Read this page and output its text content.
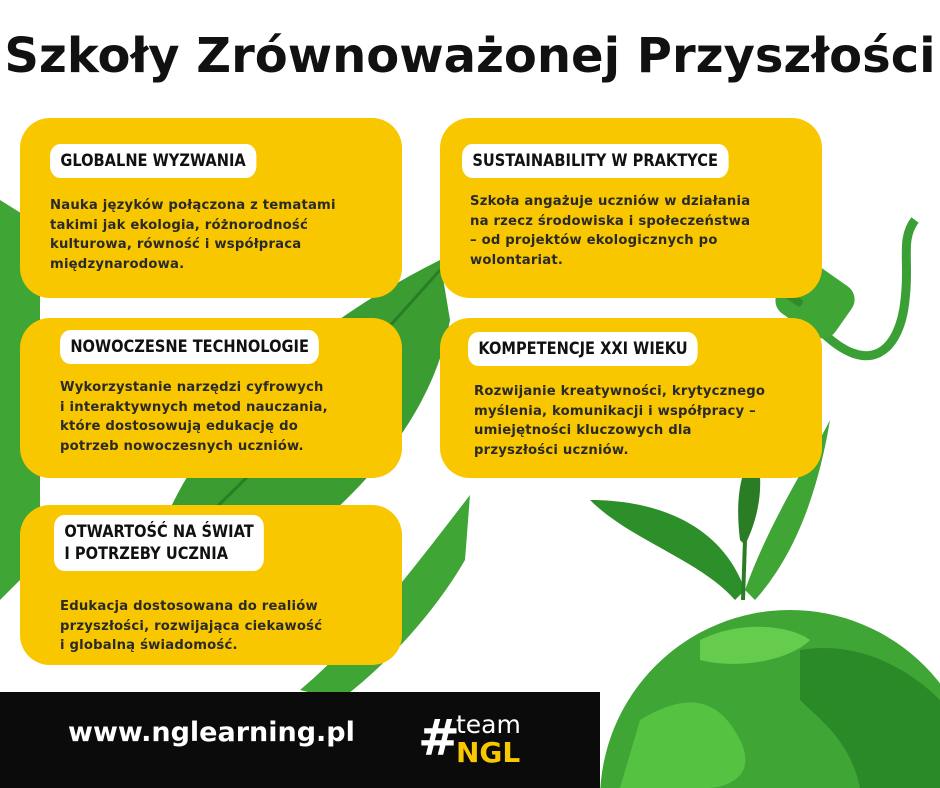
Szkoły Zrównoważonej Przyszłości
GLOBALNE WYZWANIA
Nauka języków połączona z tematami
takimi jak ekologia, różnorodność
kulturowa, równość i współpraca
międzynarodowa.
SUSTAINABILITY W PRAKTYCE
Szkoła angażuje uczniów w działania
na rzecz środowiska i społeczeństwa
– od projektów ekologicznych po
wolontariat.
NOWOCZESNE TECHNOLOGIE
Wykorzystanie narzędzi cyfrowych
i interaktywnych metod nauczania,
które dostosowują edukację do
potrzeb nowoczesnych uczniów.
KOMPETENCJE XXI WIEKU
Rozwijanie kreatywności, krytycznego
myślenia, komunikacji i współpracy –
umiejętności kluczowych dla
przyszłości uczniów.
OTWARTOŚĆ NA ŚWIAT
I POTRZEBY UCZNIA
Edukacja dostosowana do realiów
przyszłości, rozwijająca ciekawość
i globalną świadomość.
www.nglearning.pl #
team
NGL
